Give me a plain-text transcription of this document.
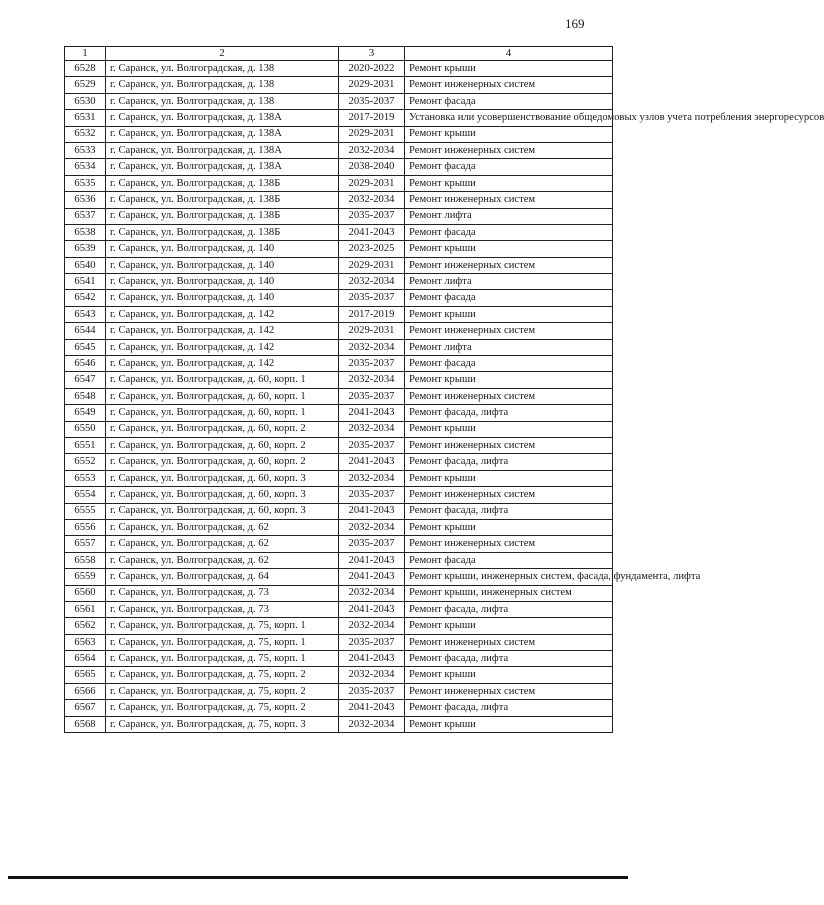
169
1	2	3	4
6528	г. Саранск, ул. Волгоградская, д. 138	2020-2022	Ремонт крыши
6529	г. Саранск, ул. Волгоградская, д. 138	2029-2031	Ремонт инженерных систем
6530	г. Саранск, ул. Волгоградская, д. 138	2035-2037	Ремонт фасада
6531	г. Саранск, ул. Волгоградская, д. 138А	2017-2019	Установка или усовершенствование общедомовых узлов учета потребления энергоресурсов
6532	г. Саранск, ул. Волгоградская, д. 138А	2029-2031	Ремонт крыши
6533	г. Саранск, ул. Волгоградская, д. 138А	2032-2034	Ремонт инженерных систем
6534	г. Саранск, ул. Волгоградская, д. 138А	2038-2040	Ремонт фасада
6535	г. Саранск, ул. Волгоградская, д. 138Б	2029-2031	Ремонт крыши
6536	г. Саранск, ул. Волгоградская, д. 138Б	2032-2034	Ремонт инженерных систем
6537	г. Саранск, ул. Волгоградская, д. 138Б	2035-2037	Ремонт лифта
6538	г. Саранск, ул. Волгоградская, д. 138Б	2041-2043	Ремонт фасада
6539	г. Саранск, ул. Волгоградская, д. 140	2023-2025	Ремонт крыши
6540	г. Саранск, ул. Волгоградская, д. 140	2029-2031	Ремонт инженерных систем
6541	г. Саранск, ул. Волгоградская, д. 140	2032-2034	Ремонт лифта
6542	г. Саранск, ул. Волгоградская, д. 140	2035-2037	Ремонт фасада
6543	г. Саранск, ул. Волгоградская, д. 142	2017-2019	Ремонт крыши
6544	г. Саранск, ул. Волгоградская, д. 142	2029-2031	Ремонт инженерных систем
6545	г. Саранск, ул. Волгоградская, д. 142	2032-2034	Ремонт лифта
6546	г. Саранск, ул. Волгоградская, д. 142	2035-2037	Ремонт фасада
6547	г. Саранск, ул. Волгоградская, д. 60, корп. 1	2032-2034	Ремонт крыши
6548	г. Саранск, ул. Волгоградская, д. 60, корп. 1	2035-2037	Ремонт инженерных систем
6549	г. Саранск, ул. Волгоградская, д. 60, корп. 1	2041-2043	Ремонт фасада, лифта
6550	г. Саранск, ул. Волгоградская, д. 60, корп. 2	2032-2034	Ремонт крыши
6551	г. Саранск, ул. Волгоградская, д. 60, корп. 2	2035-2037	Ремонт инженерных систем
6552	г. Саранск, ул. Волгоградская, д. 60, корп. 2	2041-2043	Ремонт фасада, лифта
6553	г. Саранск, ул. Волгоградская, д. 60, корп. 3	2032-2034	Ремонт крыши
6554	г. Саранск, ул. Волгоградская, д. 60, корп. 3	2035-2037	Ремонт инженерных систем
6555	г. Саранск, ул. Волгоградская, д. 60, корп. 3	2041-2043	Ремонт фасада, лифта
6556	г. Саранск, ул. Волгоградская, д. 62	2032-2034	Ремонт крыши
6557	г. Саранск, ул. Волгоградская, д. 62	2035-2037	Ремонт инженерных систем
6558	г. Саранск, ул. Волгоградская, д. 62	2041-2043	Ремонт фасада
6559	г. Саранск, ул. Волгоградская, д. 64	2041-2043	Ремонт крыши, инженерных систем, фасада, фундамента, лифта
6560	г. Саранск, ул. Волгоградская, д. 73	2032-2034	Ремонт крыши, инженерных систем
6561	г. Саранск, ул. Волгоградская, д. 73	2041-2043	Ремонт фасада, лифта
6562	г. Саранск, ул. Волгоградская, д. 75, корп. 1	2032-2034	Ремонт крыши
6563	г. Саранск, ул. Волгоградская, д. 75, корп. 1	2035-2037	Ремонт инженерных систем
6564	г. Саранск, ул. Волгоградская, д. 75, корп. 1	2041-2043	Ремонт фасада, лифта
6565	г. Саранск, ул. Волгоградская, д. 75, корп. 2	2032-2034	Ремонт крыши
6566	г. Саранск, ул. Волгоградская, д. 75, корп. 2	2035-2037	Ремонт инженерных систем
6567	г. Саранск, ул. Волгоградская, д. 75, корп. 2	2041-2043	Ремонт фасада, лифта
6568	г. Саранск, ул. Волгоградская, д. 75, корп. 3	2032-2034	Ремонт крыши
